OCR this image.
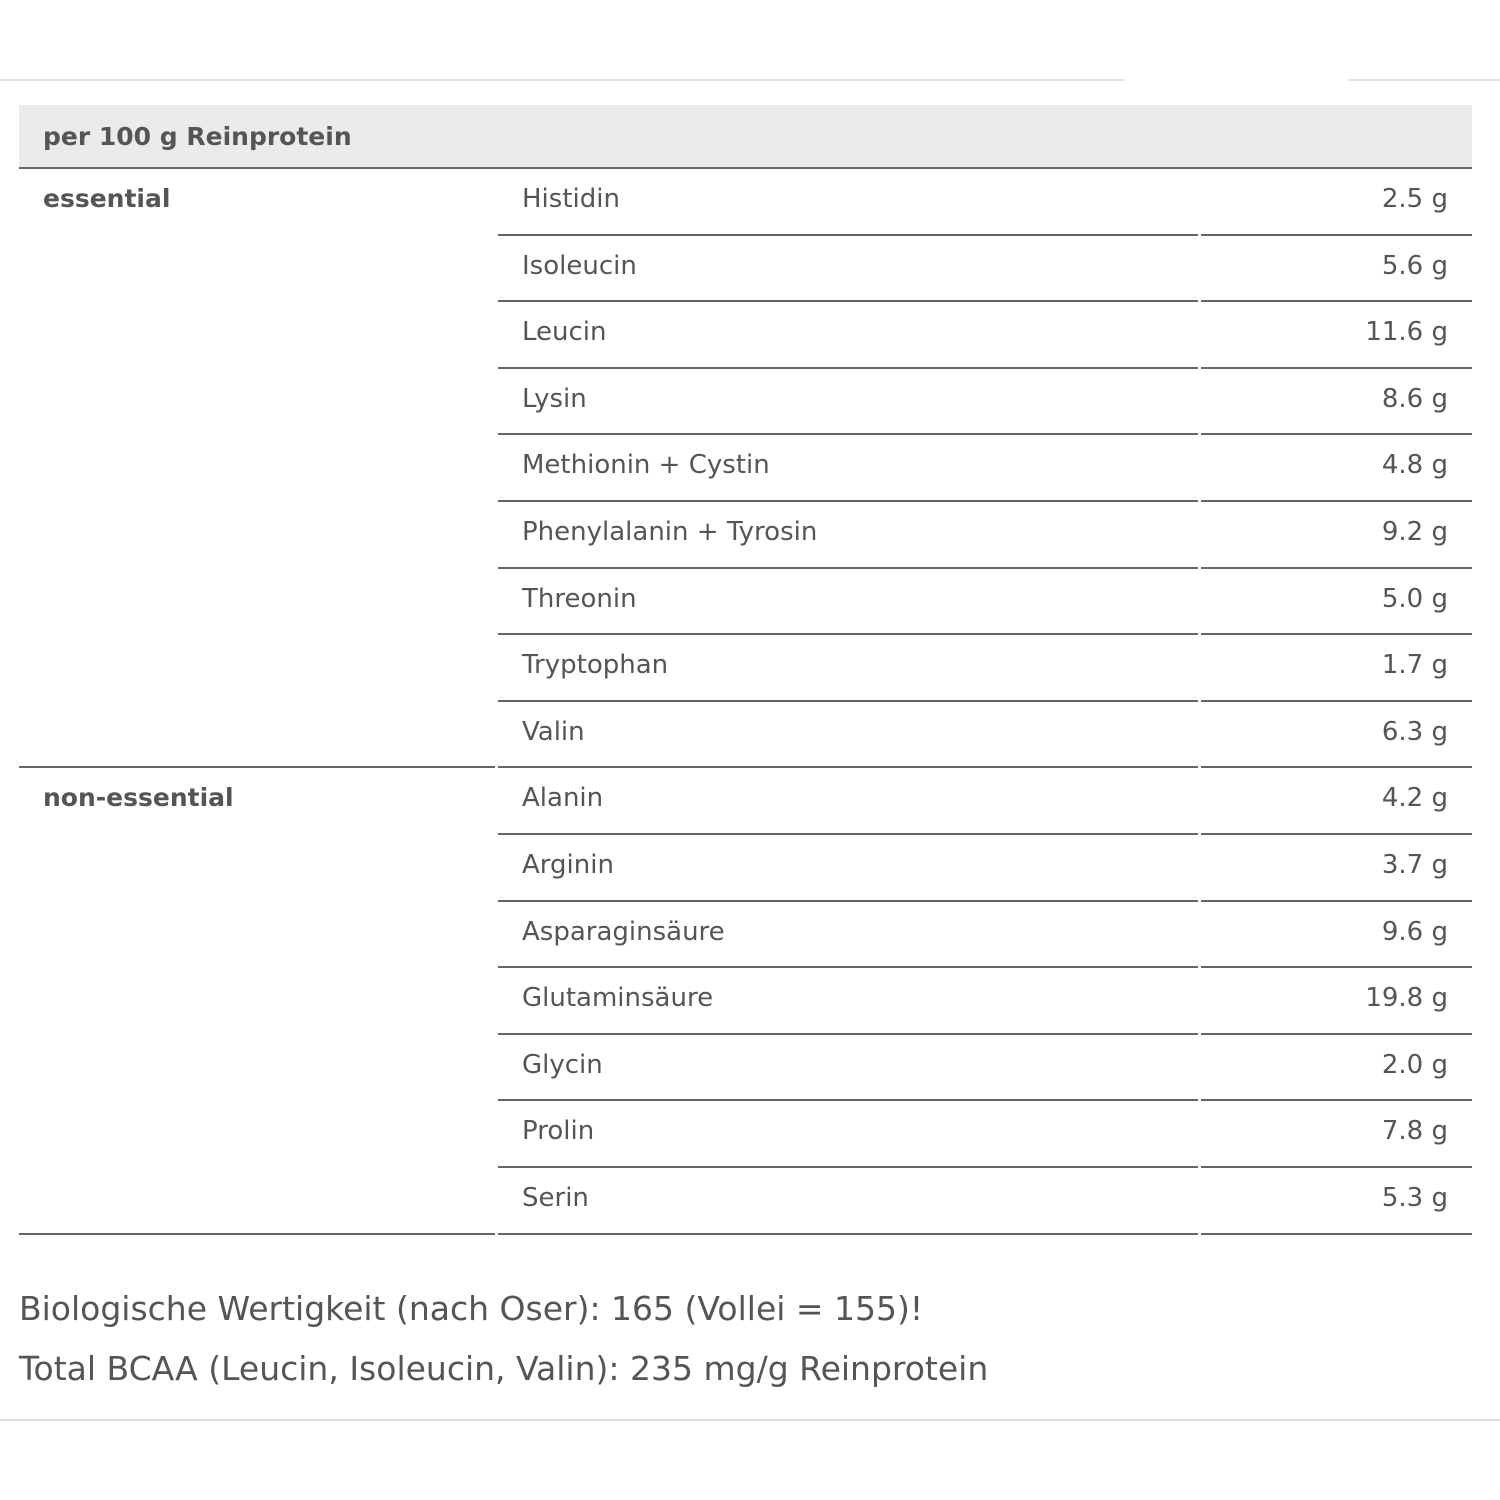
per 100 g Reinprotein
essential	Histidin	2.5 g
Isoleucin	5.6 g
Leucin	11.6 g
Lysin	8.6 g
Methionin + Cystin	4.8 g
Phenylalanin + Tyrosin	9.2 g
Threonin	5.0 g
Tryptophan	1.7 g
Valin	6.3 g
non-essential	Alanin	4.2 g
Arginin	3.7 g
Asparaginsäure	9.6 g
Glutaminsäure	19.8 g
Glycin	2.0 g
Prolin	7.8 g
Serin	5.3 g
Biologische Wertigkeit (nach Oser): 165 (Vollei = 155)!
Total BCAA (Leucin, Isoleucin, Valin): 235 mg/g Reinprotein
